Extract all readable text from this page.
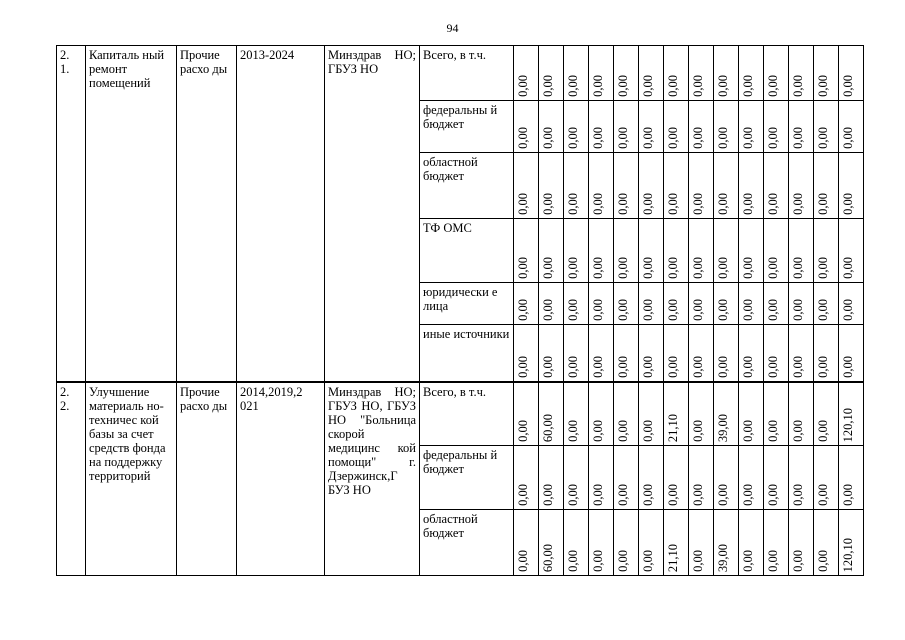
94
2.
1.	Капиталь ный ремонт помещений	Прочие расхо ды	2013-2024	Минздрав НО; ГБУЗ НО	Всего, в т.ч.	0,00	0,00	0,00	0,00	0,00	0,00	0,00	0,00	0,00	0,00	0,00	0,00	0,00	0,00
					федеральны й бюджет	0,00	0,00	0,00	0,00	0,00	0,00	0,00	0,00	0,00	0,00	0,00	0,00	0,00	0,00
					областной бюджет	0,00	0,00	0,00	0,00	0,00	0,00	0,00	0,00	0,00	0,00	0,00	0,00	0,00	0,00
					ТФ ОМС	0,00	0,00	0,00	0,00	0,00	0,00	0,00	0,00	0,00	0,00	0,00	0,00	0,00	0,00
					юридически е лица	0,00	0,00	0,00	0,00	0,00	0,00	0,00	0,00	0,00	0,00	0,00	0,00	0,00	0,00
					иные источники	0,00	0,00	0,00	0,00	0,00	0,00	0,00	0,00	0,00	0,00	0,00	0,00	0,00	0,00
2.
2.	Улучшение материаль но-техничес кой базы за счет средств фонда на поддержку территорий	Прочие расхо ды	2014,2019,2 021	Минздрав НО; ГБУЗ НО, ГБУЗ НО "Больница скорой медицинс кой помощи" г. Дзержинск,Г БУЗ НО	Всего, в т.ч.	0,00	60,00	0,00	0,00	0,00	0,00	21,10	0,00	39,00	0,00	0,00	0,00	0,00	120,10
					федеральны й бюджет	0,00	0,00	0,00	0,00	0,00	0,00	0,00	0,00	0,00	0,00	0,00	0,00	0,00	0,00
					областной бюджет	0,00	60,00	0,00	0,00	0,00	0,00	21,10	0,00	39,00	0,00	0,00	0,00	0,00	120,10
